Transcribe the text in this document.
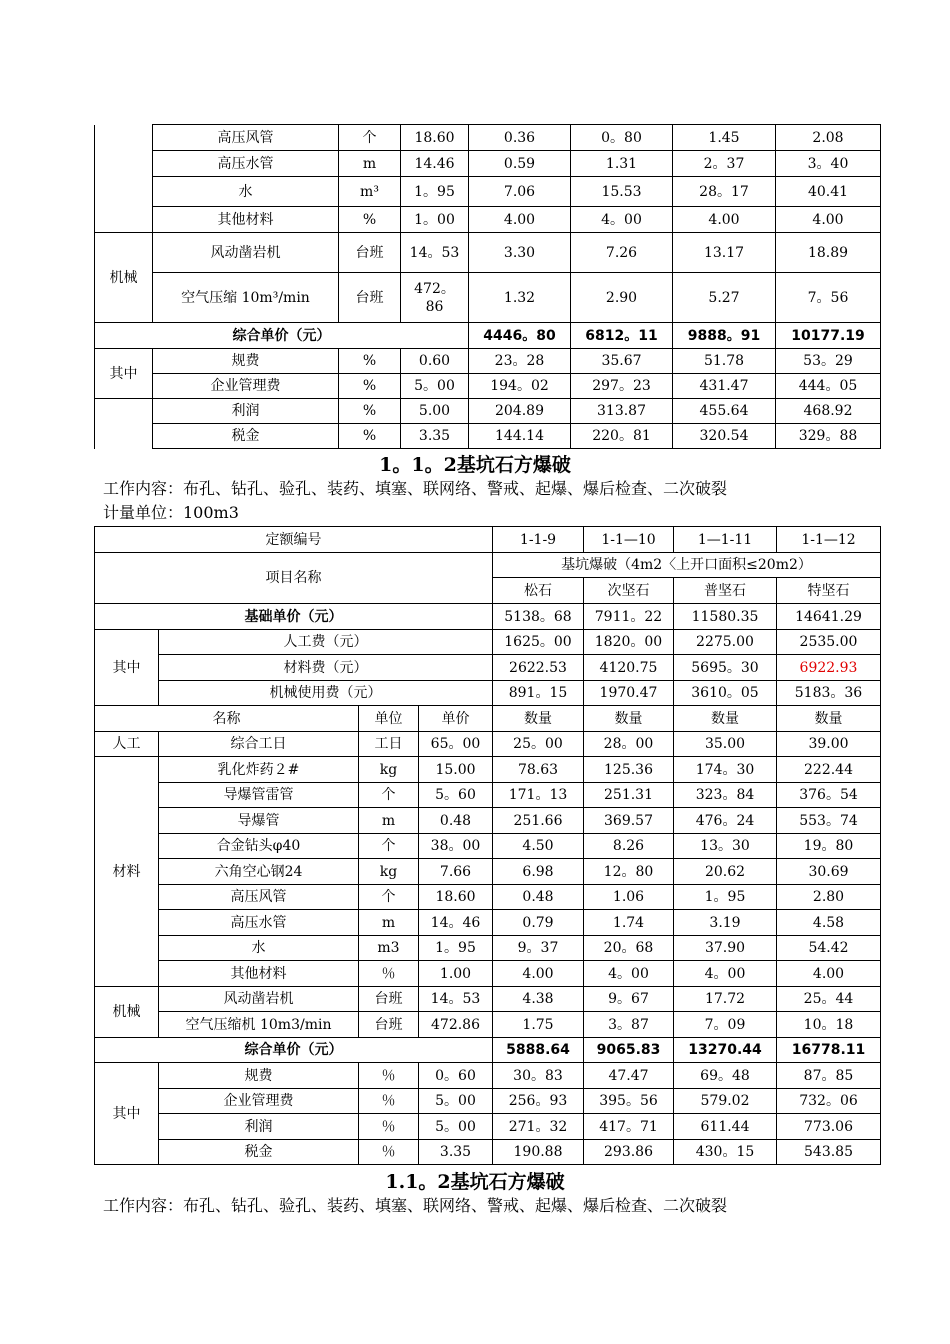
	高压风管	个	18.60	0.36	0。80	1.45	2.08
	高压水管	m	14.46	0.59	1.31	2。37	3。40
	水	m³	1。95	7.06	15.53	28。17	40.41
	其他材料	%	1。00	4.00	4。00	4.00	4.00
机械	风动凿岩机	台班	14。53	3.30	7.26	13.17	18.89
	空气压缩 10m³/min	台班	472。86	1.32	2.90	5.27	7。56
综合单价（元）				4446。80	6812。11	9888。91	10177.19
其中	规费	%	0.60	23。28	35.67	51.78	53。29
	企业管理费	%	5。00	194。02	297。23	431.47	444。05
	利润	%	5.00	204.89	313.87	455.64	468.92
	税金	%	3.35	144.14	220。81	320.54	329。88
1。1。2基坑石方爆破
工作内容：布孔、钻孔、验孔、装药、填塞、联网络、警戒、起爆、爆后检查、二次破裂
计量单位：100m3
定额编号				1-1-9	1-1—10	1—1-11	1-1—12
项目名称				基坑爆破（4m2〈上开口面积≤20m2）			
				松石	次坚石	普坚石	特坚石
基础单价（元）				5138。68	7911。22	11580.35	14641.29
其中	人工费（元）			1625。00	1820。00	2275.00	2535.00
	材料费（元）			2622.53	4120.75	5695。30	6922.93
	机械使用费（元）			891。15	1970.47	3610。05	5183。36
名称		单位	单价	数量	数量	数量	数量
人工	综合工日	工日	65。00	25。00	28。00	35.00	39.00
材料	乳化炸药２#	kg	15.00	78.63	125.36	174。30	222.44
	导爆管雷管	个	5。60	171。13	251.31	323。84	376。54
	导爆管	m	0.48	251.66	369.57	476。24	553。74
	合金钻头φ40	个	38。00	4.50	8.26	13。30	19。80
	六角空心钢24	kg	7.66	6.98	12。80	20.62	30.69
	高压风管	个	18.60	0.48	1.06	1。95	2.80
	高压水管	m	14。46	0.79	1.74	3.19	4.58
	水	m3	1。95	9。37	20。68	37.90	54.42
	其他材料	％	1.00	4.00	4。00	4。00	4.00
机械	风动凿岩机	台班	14。53	4.38	9。67	17.72	25。44
	空气压缩机 10m3/min	台班	472.86	1.75	3。87	7。09	10。18
综合单价（元）				5888.64	9065.83	13270.44	16778.11
其中	规费	％	0。60	30。83	47.47	69。48	87。85
	企业管理费	％	5。00	256。93	395。56	579.02	732。06
	利润	％	5。00	271。32	417。71	611.44	773.06
	税金	％	3.35	190.88	293.86	430。15	543.85
1.1。2基坑石方爆破
工作内容：布孔、钻孔、验孔、装药、填塞、联网络、警戒、起爆、爆后检查、二次破裂
